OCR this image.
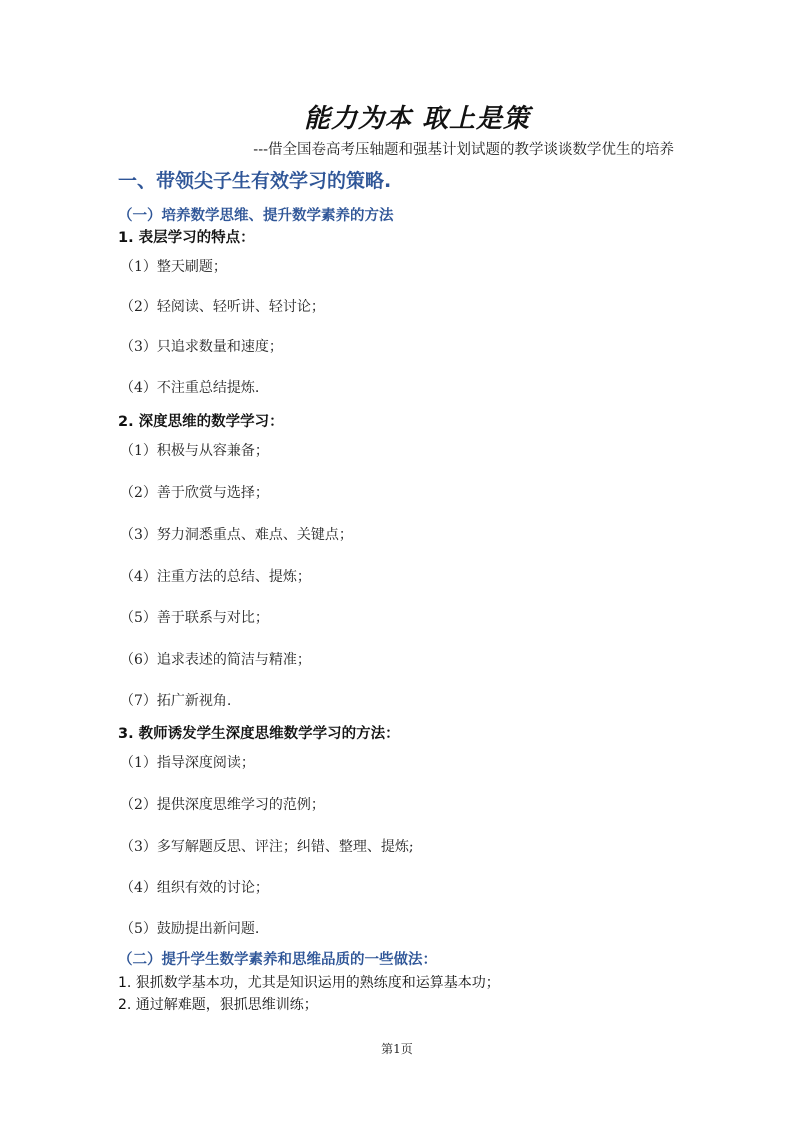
能力为本 取上是策
---借全国卷高考压轴题和强基计划试题的教学谈谈数学优生的培养
一、带领尖子生有效学习的策略.
（一）培养数学思维、提升数学素养的方法
1. 表层学习的特点：
（1）整天刷题；
（2）轻阅读、轻听讲、轻讨论；
（3）只追求数量和速度；
（4）不注重总结提炼.
2. 深度思维的数学学习：
（1）积极与从容兼备；
（2）善于欣赏与选择；
（3）努力洞悉重点、难点、关键点；
（4）注重方法的总结、提炼；
（5）善于联系与对比；
（6）追求表述的简洁与精准；
（7）拓广新视角.
3. 教师诱发学生深度思维数学学习的方法：
（1）指导深度阅读；
（2）提供深度思维学习的范例；
（3）多写解题反思、评注；纠错、整理、提炼;
（4）组织有效的讨论；
（5）鼓励提出新问题.
（二）提升学生数学素养和思维品质的一些做法：
1. 狠抓数学基本功，尤其是知识运用的熟练度和运算基本功；
2. 通过解难题，狠抓思维训练；
第1页
